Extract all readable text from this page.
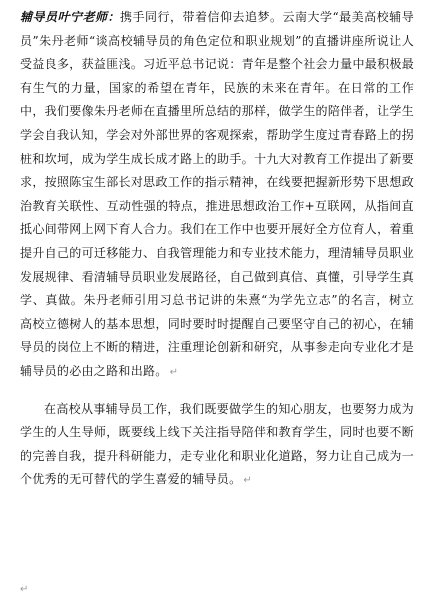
辅导员叶宁老师：携手同行，带着信仰去追梦。云南大学“最美高校辅导员”朱丹老师“谈高校辅导员的角色定位和职业规划”的直播讲座所说让人受益良多，获益匪浅。习近平总书记说：青年是整个社会力量中最积极最有生气的力量，国家的希望在青年，民族的未来在青年。在日常的工作中，我们要像朱丹老师在直播里所总结的那样，做学生的陪伴者，让学生学会自我认知，学会对外部世界的客观探索，帮助学生度过青春路上的拐桩和坎坷，成为学生成长成才路上的助手。十九大对教育工作提出了新要求，按照陈宝生部长对思政工作的指示精神，在线要把握新形势下思想政治教育关联性、互动性强的特点，推进思想政治工作+互联网，从指间直抵心间带网上网下育人合力。我们在工作中也要开展好全方位育人，着重提升自己的可迁移能力、自我管理能力和专业技术能力，理清辅导员职业发展规律、看清辅导员职业发展路径，自己做到真信、真懂，引导学生真学、真做。朱丹老师引用习总书记讲的朱熹“为学先立志”的名言，树立高校立德树人的基本思想，同时要时时提醒自己要坚守自己的初心，在辅导员的岗位上不断的精进，注重理论创新和研究，从事参走向专业化才是辅导员的必由之路和出路。 ↵

在高校从事辅导员工作，我们既要做学生的知心朋友，也要努力成为学生的人生导师，既要线上线下关注指导陪伴和教育学生，同时也要不断的完善自我，提升科研能力，走专业化和职业化道路，努力让自己成为一个优秀的无可替代的学生喜爱的辅导员。 ↵

↵
